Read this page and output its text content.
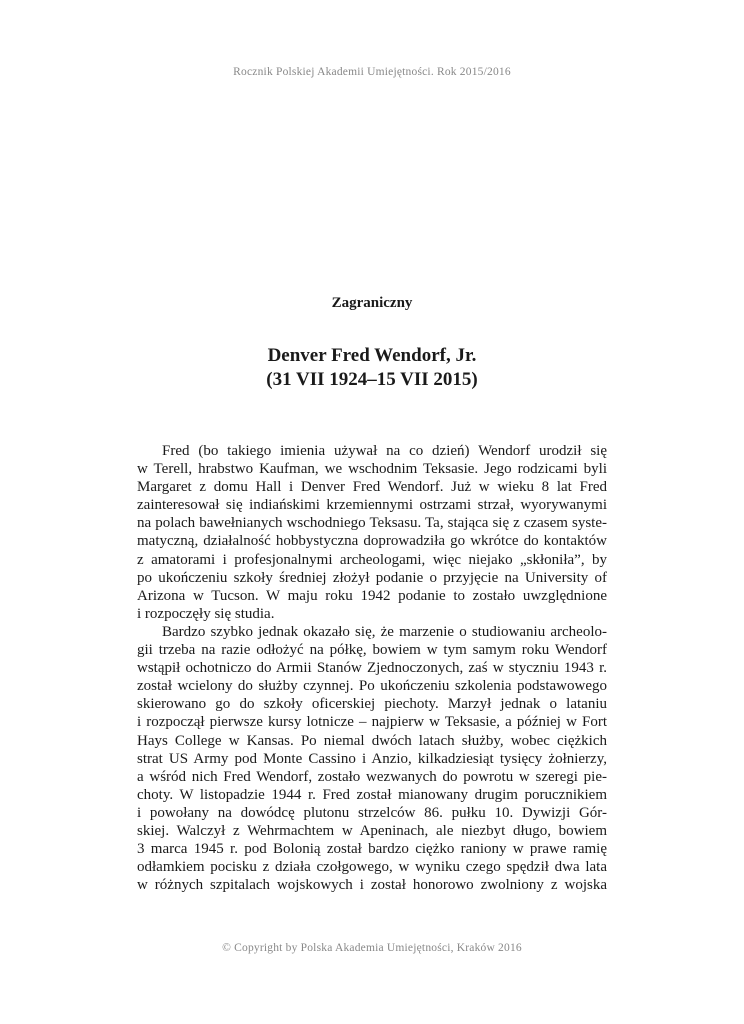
Rocznik Polskiej Akademii Umiejętności. Rok 2015/2016
Zagraniczny
Denver Fred Wendorf, Jr.
(31 VII 1924–15 VII 2015)
Fred (bo takiego imienia używał na co dzień) Wendorf urodził się
w Terell, hrabstwo Kaufman, we wschodnim Teksasie. Jego rodzicami byli
Margaret z domu Hall i Denver Fred Wendorf. Już w wieku 8 lat Fred
zainteresował się indiańskimi krzemiennymi ostrzami strzał, wyorywanymi
na polach bawełnianych wschodniego Teksasu. Ta, stająca się z czasem syste-
matyczną, działalność hobbystyczna doprowadziła go wkrótce do kontaktów
z amatorami i profesjonalnymi archeologami, więc niejako „skłoniła”, by
po ukończeniu szkoły średniej złożył podanie o przyjęcie na University of
Arizona w Tucson. W maju roku 1942 podanie to zostało uwzględnione
i rozpoczęły się studia.
Bardzo szybko jednak okazało się, że marzenie o studiowaniu archeolo-
gii trzeba na razie odłożyć na półkę, bowiem w tym samym roku Wendorf
wstąpił ochotniczo do Armii Stanów Zjednoczonych, zaś w styczniu 1943 r.
został wcielony do służby czynnej. Po ukończeniu szkolenia podstawowego
skierowano go do szkoły oficerskiej piechoty. Marzył jednak o lataniu
i rozpoczął pierwsze kursy lotnicze – najpierw w Teksasie, a później w Fort
Hays College w Kansas. Po niemal dwóch latach służby, wobec ciężkich
strat US Army pod Monte Cassino i Anzio, kilkadziesiąt tysięcy żołnierzy,
a wśród nich Fred Wendorf, zostało wezwanych do powrotu w szeregi pie-
choty. W listopadzie 1944 r. Fred został mianowany drugim porucznikiem
i powołany na dowódcę plutonu strzelców 86. pułku 10. Dywizji Gór-
skiej. Walczył z Wehrmachtem w Apeninach, ale niezbyt długo, bowiem
3 marca 1945 r. pod Bolonią został bardzo ciężko raniony w prawe ramię
odłamkiem pocisku z działa czołgowego, w wyniku czego spędził dwa lata
w różnych szpitalach wojskowych i został honorowo zwolniony z wojska
© Copyright by Polska Akademia Umiejętności, Kraków 2016
